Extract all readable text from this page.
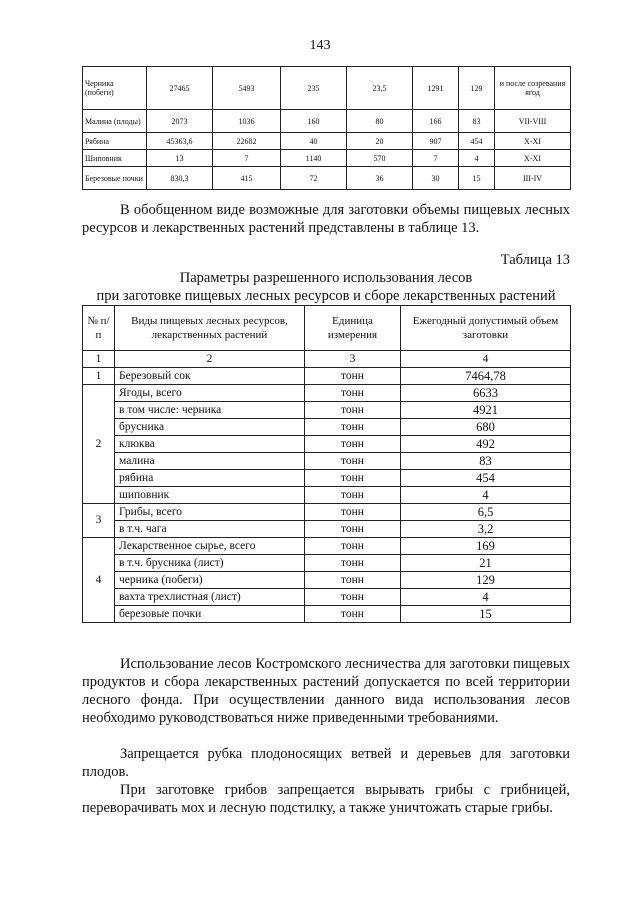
143
Черника (побеги)	27465	5493	235	23,5	1291	129	и после созревания ягод
Малина (плоды)	2073	1036	160	80	166	83	VII-VIII
Рябина	45363,6	22682	40	20	907	454	X-XI
Шиповник	13	7	1140	570	7	4	X-XI
Березовые почки	830,3	415	72	36	30	15	III-IV
В обобщенном виде возможные для заготовки объемы пищевых лесных ресурсов и лекарственных растений представлены в таблице 13.
Таблица 13
Параметры разрешенного использования лесов
при заготовке пищевых лесных ресурсов и сборе лекарственных растений
№ п/п	Виды пищевых лесных ресурсов, лекарственных растений	Единица измерения	Ежегодный допустимый объем заготовки
1	2	3	4
1	Березовый сок	тонн	7464,78
2	Ягоды, всего	тонн	6633
	в том числе: черника	тонн	4921
	брусника	тонн	680
	клюква	тонн	492
	малина	тонн	83
	рябина	тонн	454
	шиповник	тонн	4
3	Грибы, всего	тонн	6,5
	в т.ч. чага	тонн	3,2
4	Лекарственное сырье, всего	тонн	169
	в т.ч. брусника (лист)	тонн	21
	черника (побеги)	тонн	129
	вахта трехлистная (лист)	тонн	4
	березовые почки	тонн	15
Использование лесов Костромского лесничества для заготовки пищевых продуктов и сбора лекарственных растений допускается по всей территории лесного фонда. При осуществлении данного вида использования лесов необходимо руководствоваться ниже приведенными требованиями.
Запрещается рубка плодоносящих ветвей и деревьев для заготовки плодов.
При заготовке грибов запрещается вырывать грибы с грибницей, переворачивать мох и лесную подстилку, а также уничтожать старые грибы.
